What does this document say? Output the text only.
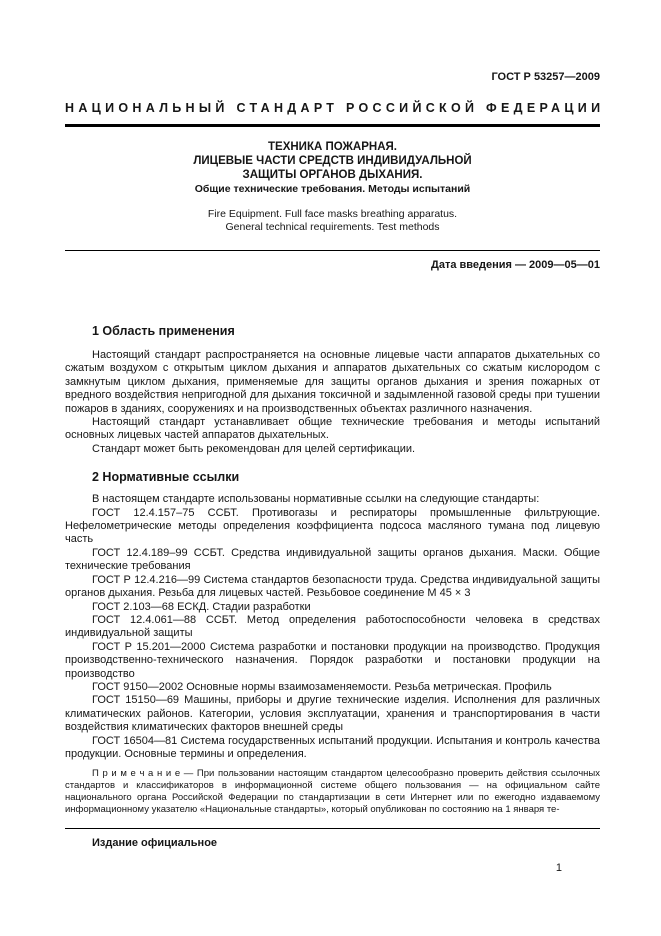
ГОСТ Р 53257—2009
НАЦИОНАЛЬНЫЙ СТАНДАРТ РОССИЙСКОЙ ФЕДЕРАЦИИ
ТЕХНИКА ПОЖАРНАЯ.
ЛИЦЕВЫЕ ЧАСТИ СРЕДСТВ ИНДИВИДУАЛЬНОЙ
ЗАЩИТЫ ОРГАНОВ ДЫХАНИЯ.
Общие технические требования. Методы испытаний
Fire Equipment. Full face masks breathing apparatus.
General technical requirements. Test methods
Дата введения — 2009—05—01
1 Область применения

Настоящий стандарт распространяется на основные лицевые части аппаратов дыхательных со сжатым воздухом с открытым циклом дыхания и аппаратов дыхательных со сжатым кислородом с замкнутым циклом дыхания, применяемые для защиты органов дыхания и зрения пожарных от вредного воздействия непригодной для дыхания токсичной и задымленной газовой среды при тушении пожаров в зданиях, сооружениях и на производственных объектах различного назначения.

Настоящий стандарт устанавливает общие технические требования и методы испытаний основных лицевых частей аппаратов дыхательных.

Стандарт может быть рекомендован для целей сертификации.

2 Нормативные ссылки

В настоящем стандарте использованы нормативные ссылки на следующие стандарты:

ГОСТ 12.4.157–75 ССБТ. Противогазы и респираторы промышленные фильтрующие. Нефелометрические методы определения коэффициента подсоса масляного тумана под лицевую часть

ГОСТ 12.4.189–99 ССБТ. Средства индивидуальной защиты органов дыхания. Маски. Общие технические требования

ГОСТ Р 12.4.216—99 Система стандартов безопасности труда. Средства индивидуальной защиты органов дыхания. Резьба для лицевых частей. Резьбовое соединение М 45 × 3

ГОСТ 2.103—68 ЕСКД. Стадии разработки

ГОСТ 12.4.061—88 ССБТ. Метод определения работоспособности человека в средствах индивидуальной защиты

ГОСТ Р 15.201—2000 Система разработки и постановки продукции на производство. Продукция производственно-технического назначения. Порядок разработки и постановки продукции на производство

ГОСТ 9150—2002 Основные нормы взаимозаменяемости. Резьба метрическая. Профиль

ГОСТ 15150—69 Машины, приборы и другие технические изделия. Исполнения для различных климатических районов. Категории, условия эксплуатации, хранения и транспортирования в части воздействия климатических факторов внешней среды

ГОСТ 16504—81 Система государственных испытаний продукции. Испытания и контроль качества продукции. Основные термины и определения.

П р и м е ч а н и е — При пользовании настоящим стандартом целесообразно проверить действия ссылочных стандартов и классификаторов в информационной системе общего пользования — на официальном сайте национального органа Российской Федерации по стандартизации в сети Интернет или по ежегодно издаваемому информационному указателю «Национальные стандарты», который опубликован по состоянию на 1 января те-

Издание официальное
1
